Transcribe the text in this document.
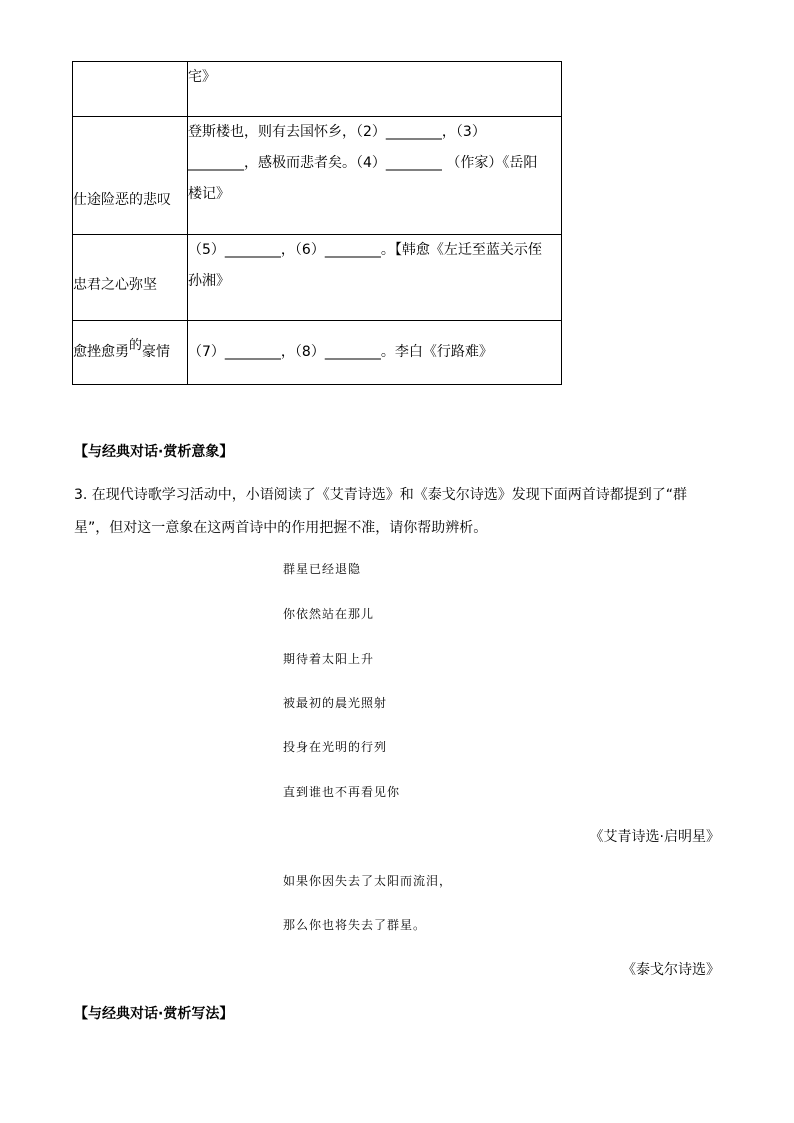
	宅》
仕途险恶的悲叹	登斯楼也，则有去国怀乡，（2）________，（3）
________，感极而悲者矣。（4）________ （作家）《岳阳
楼记》

忠君之心弥坚	（5）________，（6）________。【韩愈《左迁至蓝关示侄
孙湘》

愈挫愈勇的豪情	（7）________，（8）________。李白《行路难》
【与经典对话·赏析意象】
3. 在现代诗歌学习活动中，小语阅读了《艾青诗选》和《泰戈尔诗选》发现下面两首诗都提到了“群
星”，但对这一意象在这两首诗中的作用把握不准，请你帮助辨析。
群星已经退隐
你依然站在那儿
期待着太阳上升
被最初的晨光照射
投身在光明的行列
直到谁也不再看见你
《艾青诗选·启明星》
如果你因失去了太阳而流泪，
那么你也将失去了群星。
《泰戈尔诗选》
【与经典对话·赏析写法】
